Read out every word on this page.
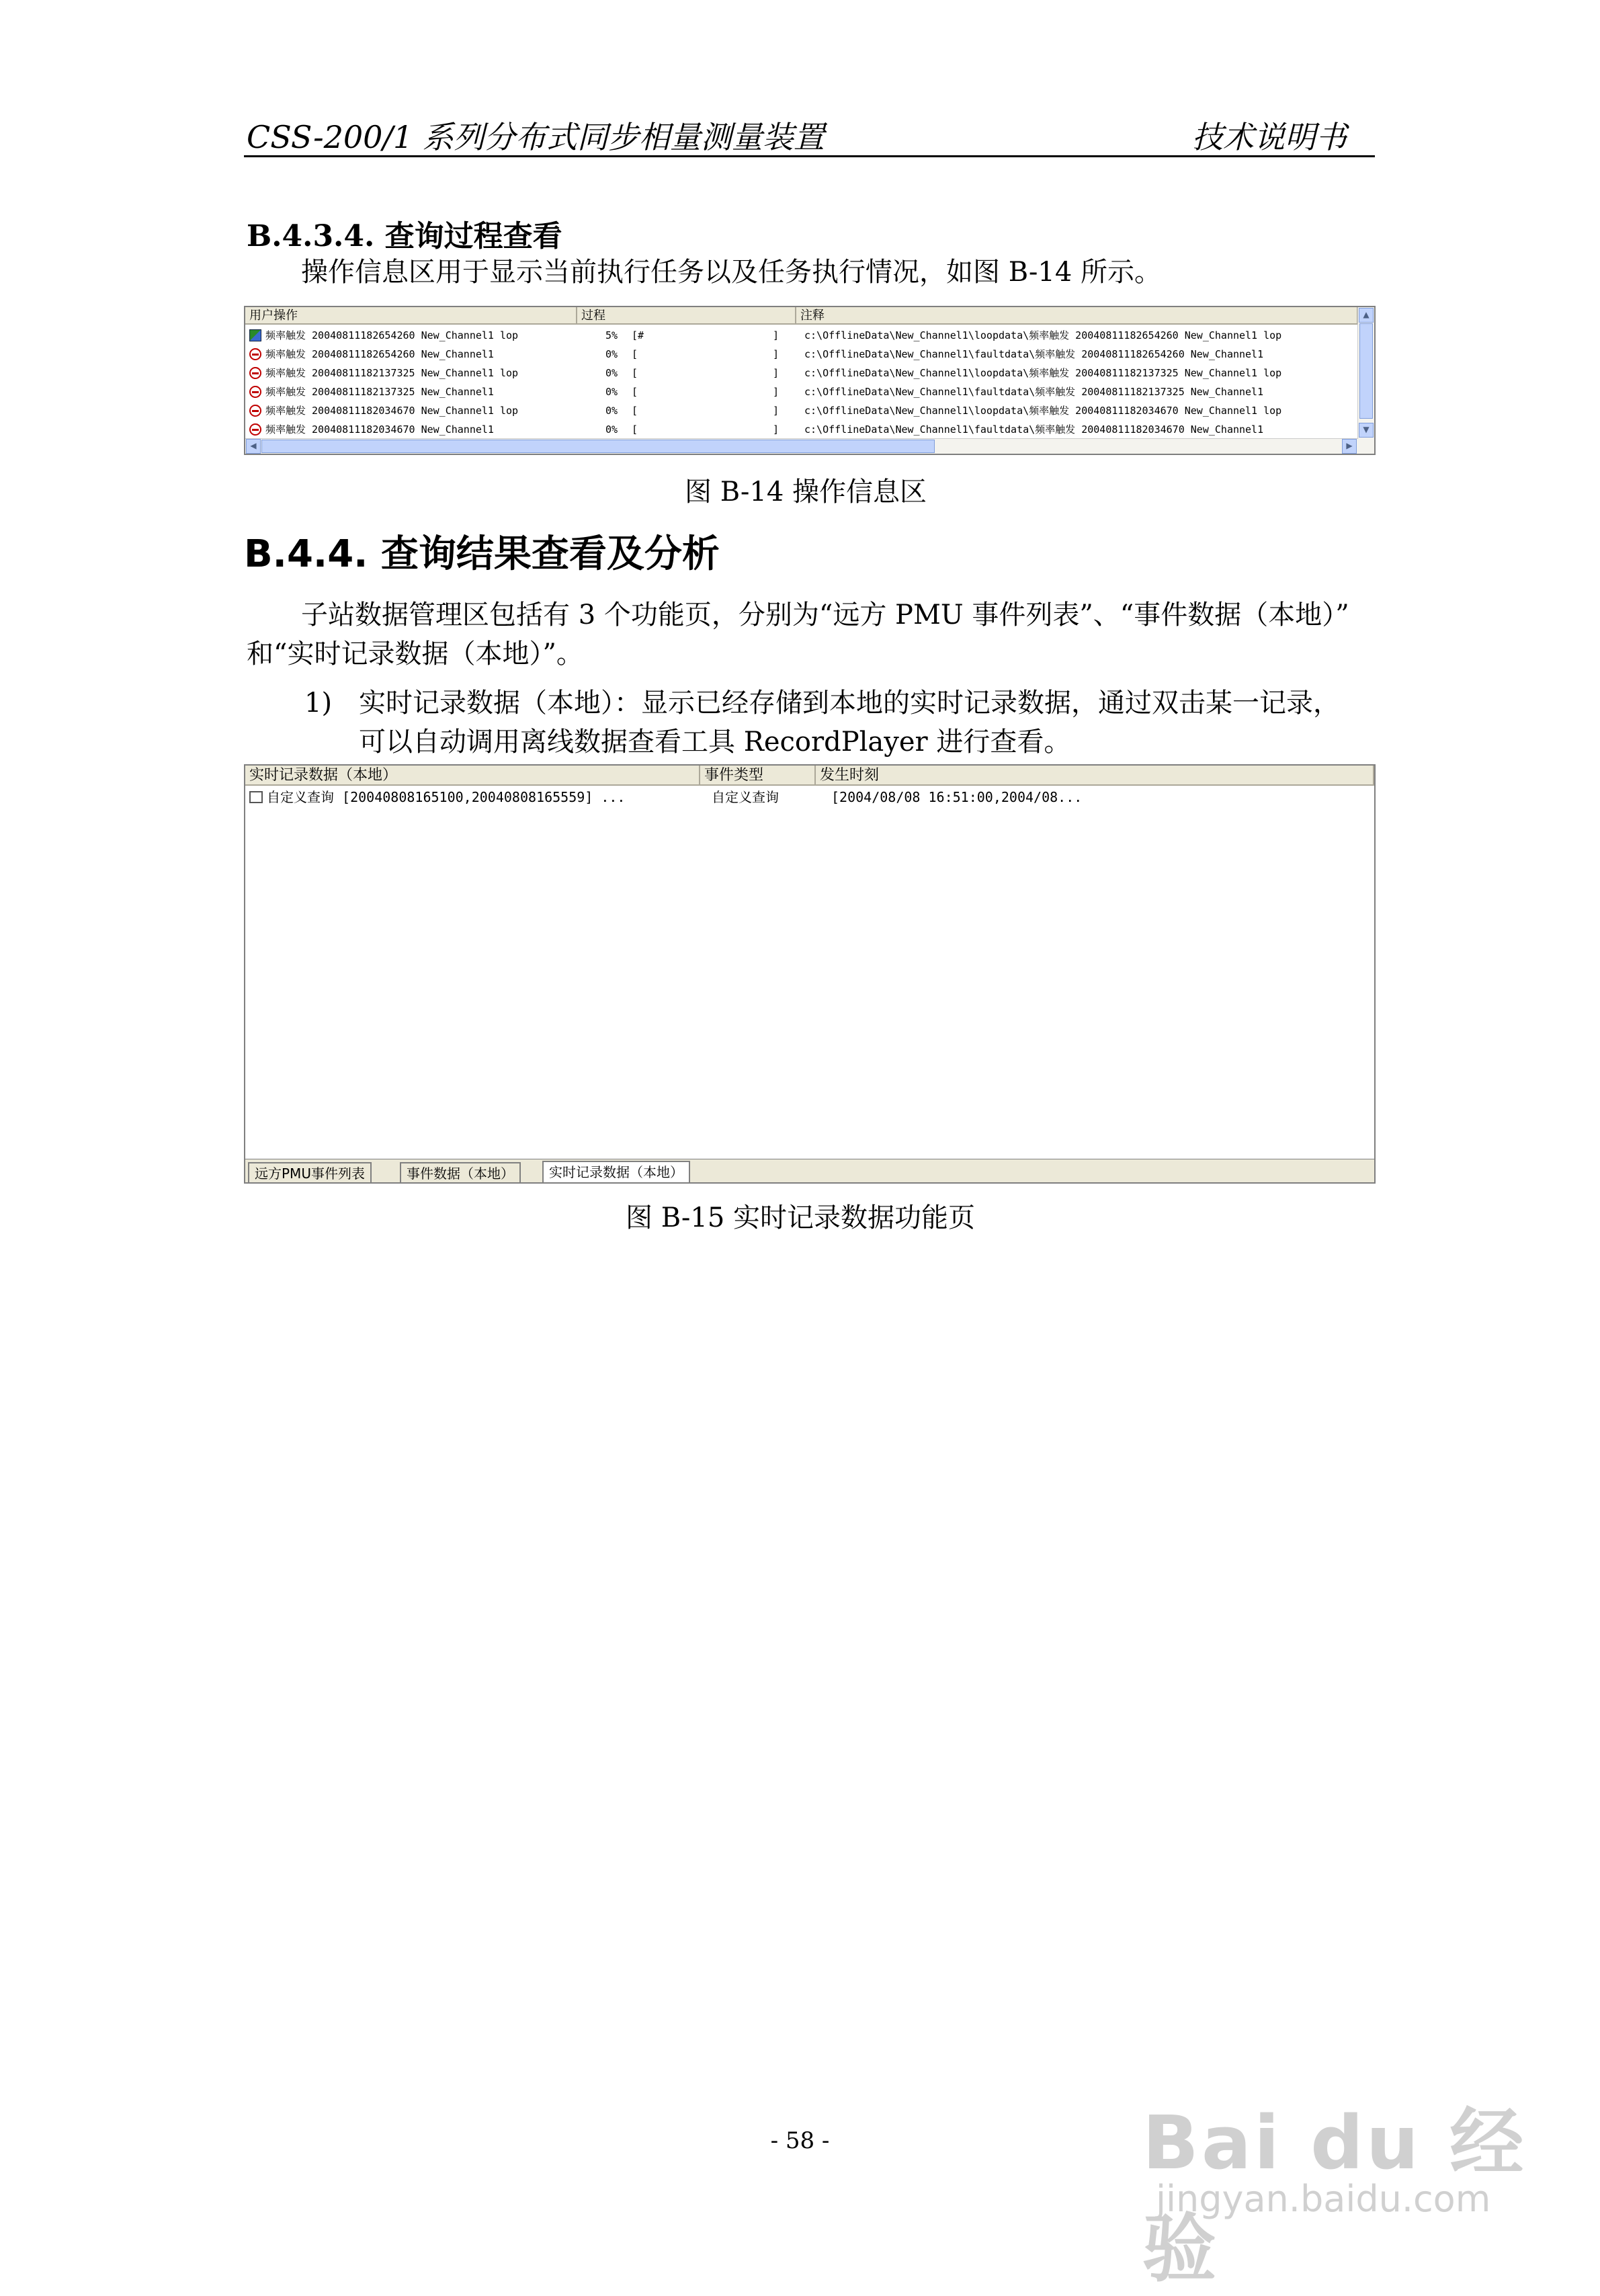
CSS-200/1 系列分布式同步相量测量装置	技术说明书
B.4.3.4. 查询过程查看
操作信息区用于显示当前执行任务以及任务执行情况，如图 B-14 所示。
用户操作	过程	注释
频率触发 20040811182654260 New_Channel1 lop	5% [#	]	c:\OfflineData\New_Channel1\loopdata\频率触发 20040811182654260 New_Channel1 lop
频率触发 20040811182654260 New_Channel1	0% [	]	c:\OfflineData\New_Channel1\faultdata\频率触发 20040811182654260 New_Channel1
频率触发 20040811182137325 New_Channel1 lop	0% [	]	c:\OfflineData\New_Channel1\loopdata\频率触发 20040811182137325 New_Channel1 lop
频率触发 20040811182137325 New_Channel1	0% [	]	c:\OfflineData\New_Channel1\faultdata\频率触发 20040811182137325 New_Channel1
频率触发 20040811182034670 New_Channel1 lop	0% [	]	c:\OfflineData\New_Channel1\loopdata\频率触发 20040811182034670 New_Channel1 lop
频率触发 20040811182034670 New_Channel1	0% [	]	c:\OfflineData\New_Channel1\faultdata\频率触发 20040811182034670 New_Channel1
▲
▼
◀	▶
图 B-14 操作信息区
B.4.4. 查询结果查看及分析
子站数据管理区包括有 3 个功能页，分别为“远方 PMU 事件列表”、“事件数据（本地）”
和“实时记录数据（本地）”。
1) 实时记录数据（本地）：显示已经存储到本地的实时记录数据，通过双击某一记录，
可以自动调用离线数据查看工具 RecordPlayer 进行查看。
实时记录数据（本地）	事件类型	发生时刻
自定义查询 [20040808165100,20040808165559] ...	自定义查询	[2004/08/08 16:51:00,2004/08...
远方PMU事件列表	事件数据（本地）	实时记录数据（本地）
图 B-15 实时记录数据功能页
- 58 -	Bai du 经验
jingyan.baidu.com
